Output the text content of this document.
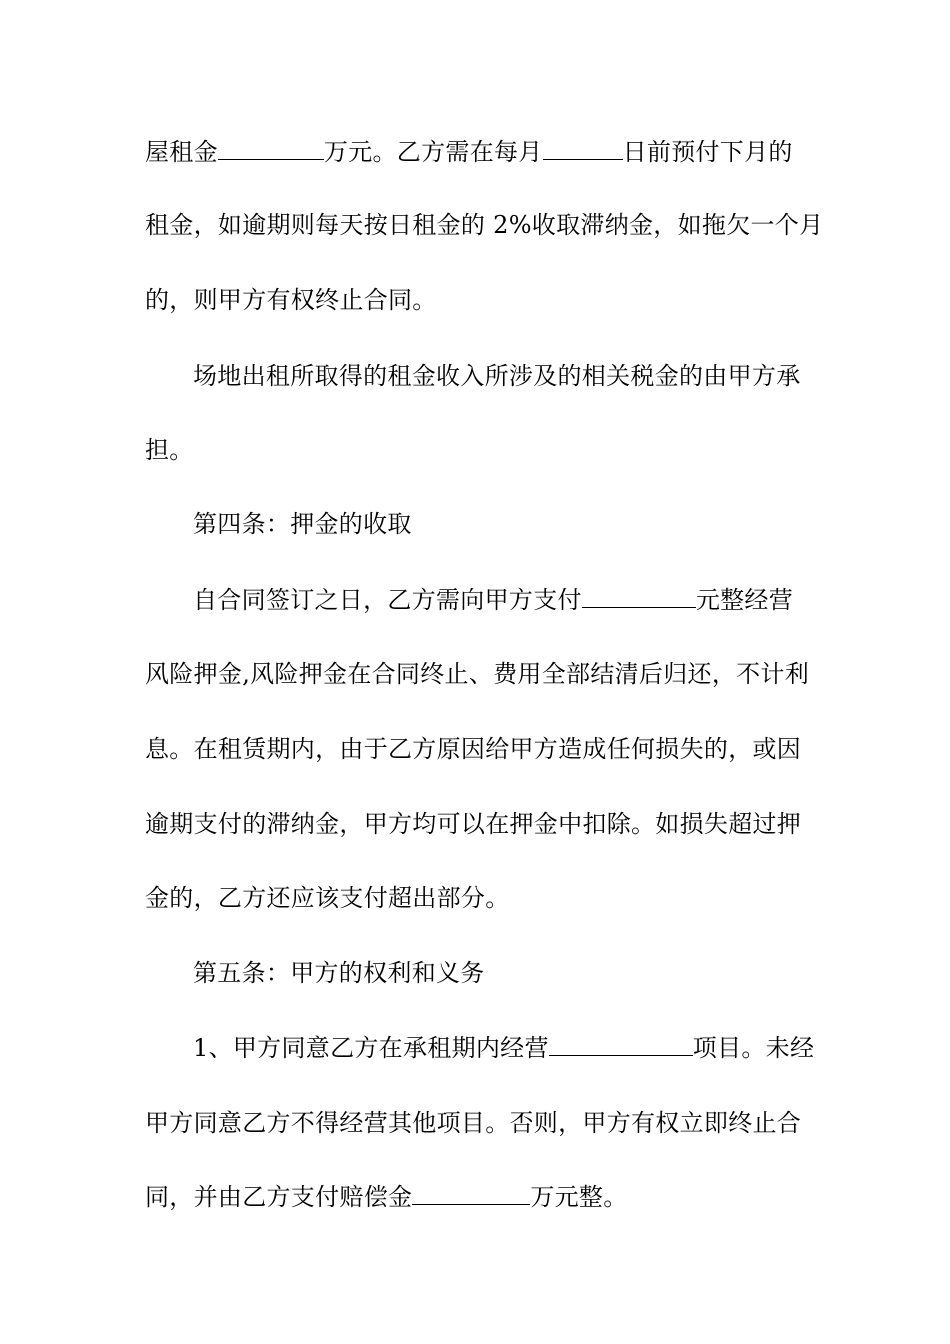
屋租金	万元。乙方需在每月	日前预付下月的
租金，如逾期则每天按日租金的 2%收取滞纳金，如拖欠一个月
的，则甲方有权终止合同。
场地出租所取得的租金收入所涉及的相关税金的由甲方承
担。
第四条：押金的收取
自合同签订之日，乙方需向甲方支付	元整经营
风险押金,风险押金在合同终止、费用全部结清后归还，不计利
息。在租赁期内，由于乙方原因给甲方造成任何损失的，或因
逾期支付的滞纳金，甲方均可以在押金中扣除。如损失超过押
金的，乙方还应该支付超出部分。
第五条：甲方的权利和义务
1、甲方同意乙方在承租期内经营	项目。未经
甲方同意乙方不得经营其他项目。否则，甲方有权立即终止合
同，并由乙方支付赔偿金	万元整。
